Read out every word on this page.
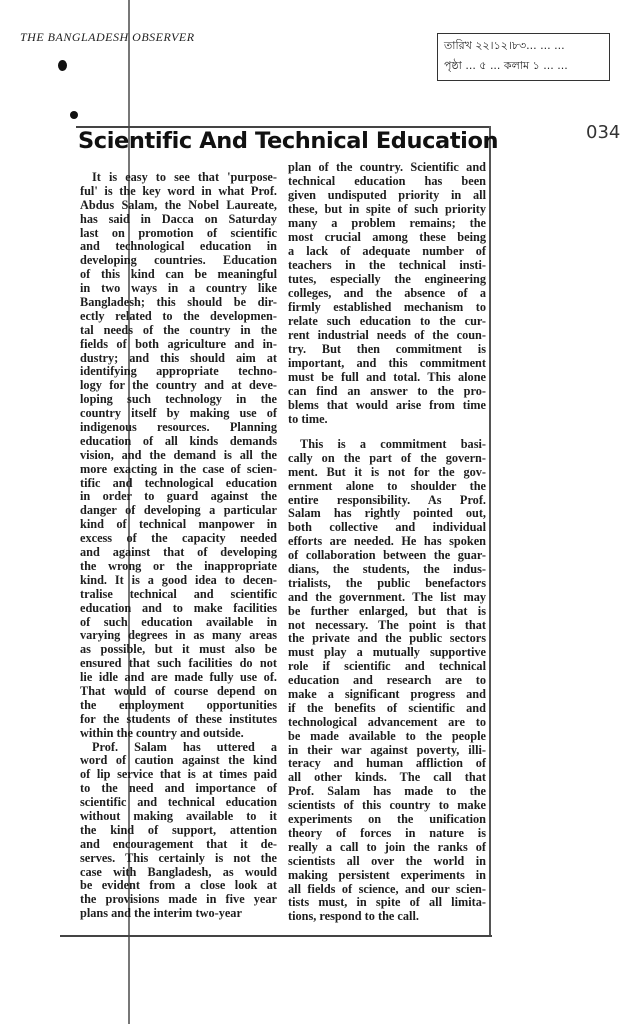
THE BANGLADESH OBSERVER
তারিখ ২২।১২।৮৩... ... ...
পৃষ্ঠা ... ৫ ... কলাম ১ ... ...
034
Scientific And Technical Education
It is easy to see that 'purpose-
ful' is the key word in what Prof.
Abdus Salam, the Nobel Laureate,
has said in Dacca on Saturday
last on promotion of scientific
and technological education in
developing countries. Education
of this kind can be meaningful
in two ways in a country like
Bangladesh; this should be dir-
ectly related to the developmen-
tal needs of the country in the
fields of both agriculture and in-
dustry; and this should aim at
identifying appropriate techno-
logy for the country and at deve-
loping such technology in the
country itself by making use of
indigenous resources. Planning
education of all kinds demands
vision, and the demand is all the
more exacting in the case of scien-
tific and technological education
in order to guard against the
danger of developing a particular
kind of technical manpower in
excess of the capacity needed
and against that of developing
the wrong or the inappropriate
kind. It is a good idea to decen-
tralise technical and scientific
education and to make facilities
of such education available in
varying degrees in as many areas
as possible, but it must also be
ensured that such facilities do not
lie idle and are made fully use of.
That would of course depend on
the employment opportunities
for the students of these institutes
within the country and outside.
Prof. Salam has uttered a
word of caution against the kind
of lip service that is at times paid
to the need and importance of
scientific and technical education
without making available to it
the kind of support, attention
and encouragement that it de-
serves. This certainly is not the
case with Bangladesh, as would
be evident from a close look at
the provisions made in five year
plans and the interim two-year
plan of the country. Scientific and
technical education has been
given undisputed priority in all
these, but in spite of such priority
many a problem remains; the
most crucial among these being
a lack of adequate number of
teachers in the technical insti-
tutes, especially the engineering
colleges, and the absence of a
firmly established mechanism to
relate such education to the cur-
rent industrial needs of the coun-
try. But then commitment is
important, and this commitment
must be full and total. This alone
can find an answer to the pro-
blems that would arise from time
to time.
This is a commitment basi-
cally on the part of the govern-
ment. But it is not for the gov-
ernment alone to shoulder the
entire responsibility. As Prof.
Salam has rightly pointed out,
both collective and individual
efforts are needed. He has spoken
of collaboration between the guar-
dians, the students, the indus-
trialists, the public benefactors
and the government. The list may
be further enlarged, but that is
not necessary. The point is that
the private and the public sectors
must play a mutually supportive
role if scientific and technical
education and research are to
make a significant progress and
if the benefits of scientific and
technological advancement are to
be made available to the people
in their war against poverty, illi-
teracy and human affliction of
all other kinds. The call that
Prof. Salam has made to the
scientists of this country to make
experiments on the unification
theory of forces in nature is
really a call to join the ranks of
scientists all over the world in
making persistent experiments in
all fields of science, and our scien-
tists must, in spite of all limita-
tions, respond to the call.
